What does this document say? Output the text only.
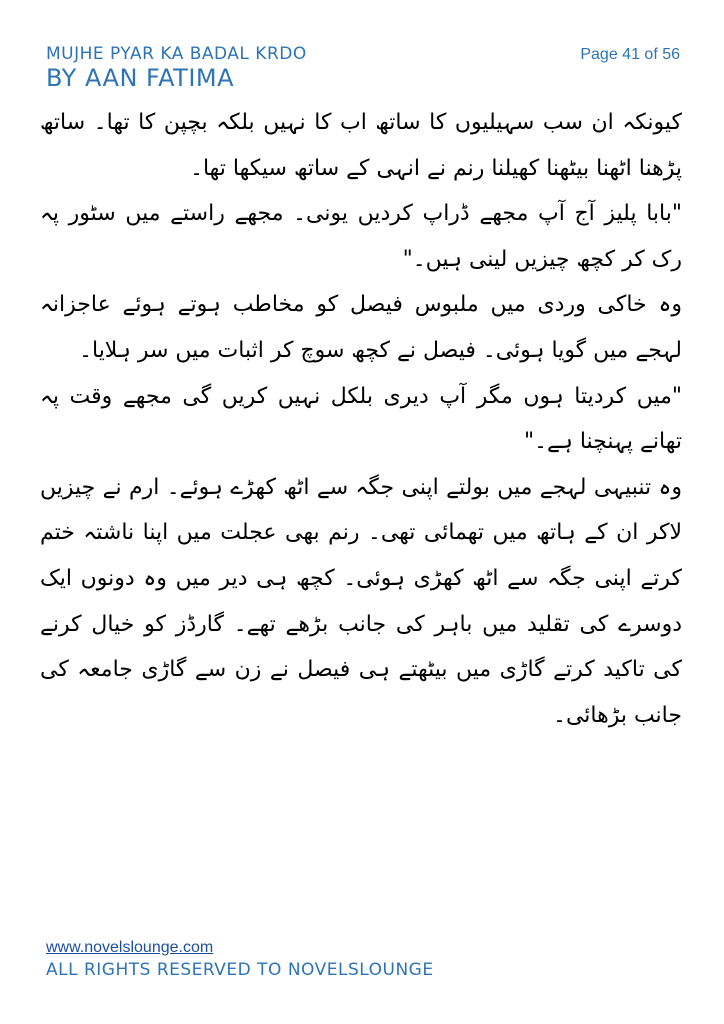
MUJHE PYAR KA BADAL KRDO
BY AAN FATIMA
Page 41 of 56

کیونکہ ان سب سہیلیوں کا ساتھ اب کا نہیں بلکہ بچپن کا تھا۔ ساتھ پڑھنا اٹھنا بیٹھنا کھیلنا رنم نے انہی کے ساتھ سیکھا تھا۔

"بابا پلیز آج آپ مجھے ڈراپ کردیں یونی۔ مجھے راستے میں سٹور پہ رک کر کچھ چیزیں لینی ہیں۔"

وہ خاکی وردی میں ملبوس فیصل کو مخاطب ہوتے ہوئے عاجزانہ لہجے میں گویا ہوئی۔ فیصل نے کچھ سوچ کر اثبات میں سر ہلایا۔

"میں کردیتا ہوں مگر آپ دیری بلکل نہیں کریں گی مجھے وقت پہ تھانے پہنچنا ہے۔"

وہ تنبیہی لہجے میں بولتے اپنی جگہ سے اٹھ کھڑے ہوئے۔ ارم نے چیزیں لاکر ان کے ہاتھ میں تھمائی تھی۔ رنم بھی عجلت میں اپنا ناشتہ ختم کرتے اپنی جگہ سے اٹھ کھڑی ہوئی۔ کچھ ہی دیر میں وہ دونوں ایک دوسرے کی تقلید میں باہر کی جانب بڑھے تھے۔ گارڈز کو خیال کرنے کی تاکید کرتے گاڑی میں بیٹھتے ہی فیصل نے زن سے گاڑی جامعہ کی جانب بڑھائی۔

www.novelslounge.com
ALL RIGHTS RESERVED TO NOVELSLOUNGE
